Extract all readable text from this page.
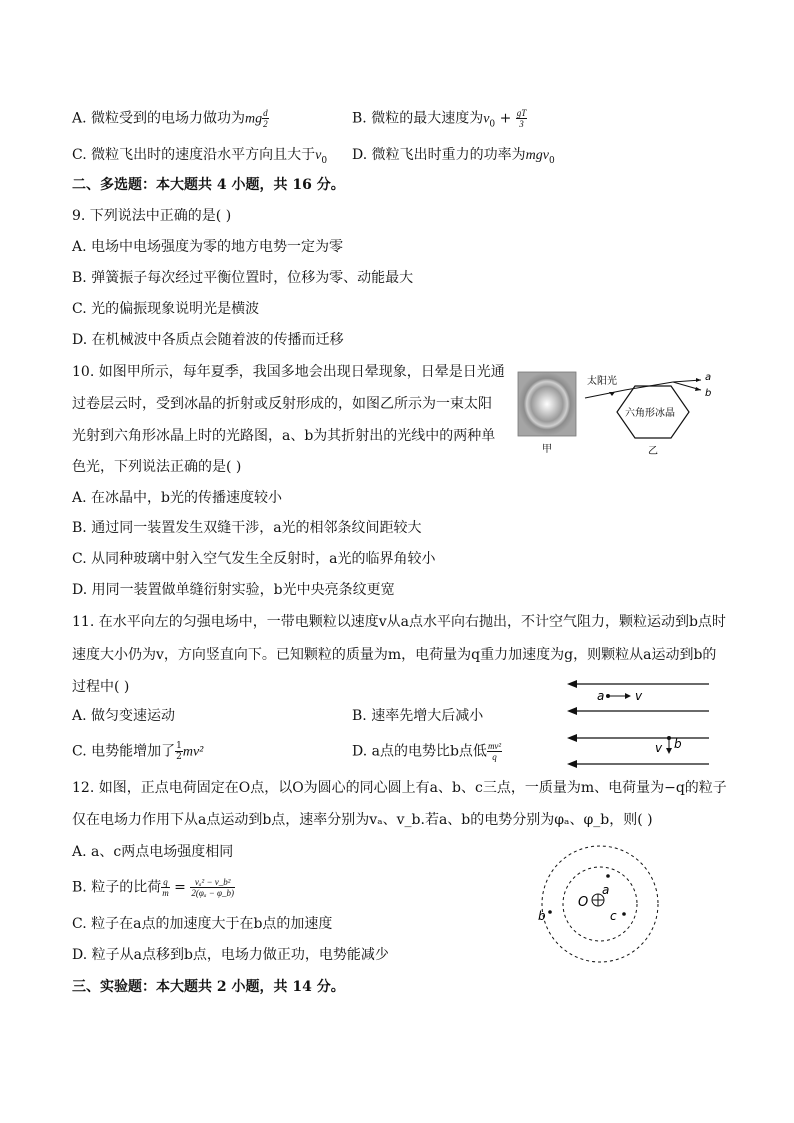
A. 微粒受到的电场力做功为mg $\frac{d}{2}$	B. 微粒的最大速度为$v_0 + \frac{gT}{3}$
C. 微粒飞出时的速度沿水平方向且大于$v_0$ D. 微粒飞出时重力的功率为mgv$_0$
二、多选题：本大题共 4 小题，共 16 分。
9. 下列说法中正确的是( )
A. 电场中电场强度为零的地方电势一定为零
B. 弹簧振子每次经过平衡位置时，位移为零、动能最大
C. 光的偏振现象说明光是横波
D. 在机械波中各质点会随着波的传播而迁移
10. 如图甲所示，每年夏季，我国多地会出现日晕现象，日晕是日光通
过卷层云时，受到冰晶的折射或反射形成的，如图乙所示为一束太阳
光射到六角形冰晶上时的光路图，a、b为其折射出的光线中的两种单
色光，下列说法正确的是( )
A. 在冰晶中，b光的传播速度较小
B. 通过同一装置发生双缝干涉，a光的相邻条纹间距较大
C. 从同种玻璃中射入空气发生全反射时，a光的临界角较小
D. 用同一装置做单缝衍射实验，b光中央亮条纹更宽
甲
太阳光
六角形冰晶
a
b
乙
11. 在水平向左的匀强电场中，一带电颗粒以速度v从a点水平向右抛出，不计空气阻力，颗粒运动到b点时
速度大小仍为v，方向竖直向下。已知颗粒的质量为m，电荷量为q重力加速度为g，则颗粒从a运动到b的
过程中( )
A. 做匀变速运动	B. 速率先增大后减小
C. 电势能增加了 $\frac{1}{2} mv^2$	D. a点的电势比b点低 $\frac{\text{mv²}}{q}$
a	v
v b
12. 如图，正点电荷固定在O点，以O为圆心的同心圆上有a、b、c三点，一质量为m、电荷量为−q的粒子
仅在电场力作用下从a点运动到b点，速率分别为vₐ、v_b.若a、b的电势分别为φₐ、φ_b，则( )
A. a、c两点电场强度相同
B. 粒子的比荷 $\frac{q}{m} = \frac{\text{vₐ² − v\_b²}}{\text{2(φₐ − φ\_b)}}$
C. 粒子在a点的加速度大于在b点的加速度
D. 粒子从a点移到b点，电场力做正功，电势能减少
O
a
b	c
三、实验题：本大题共 2 小题，共 14 分。
